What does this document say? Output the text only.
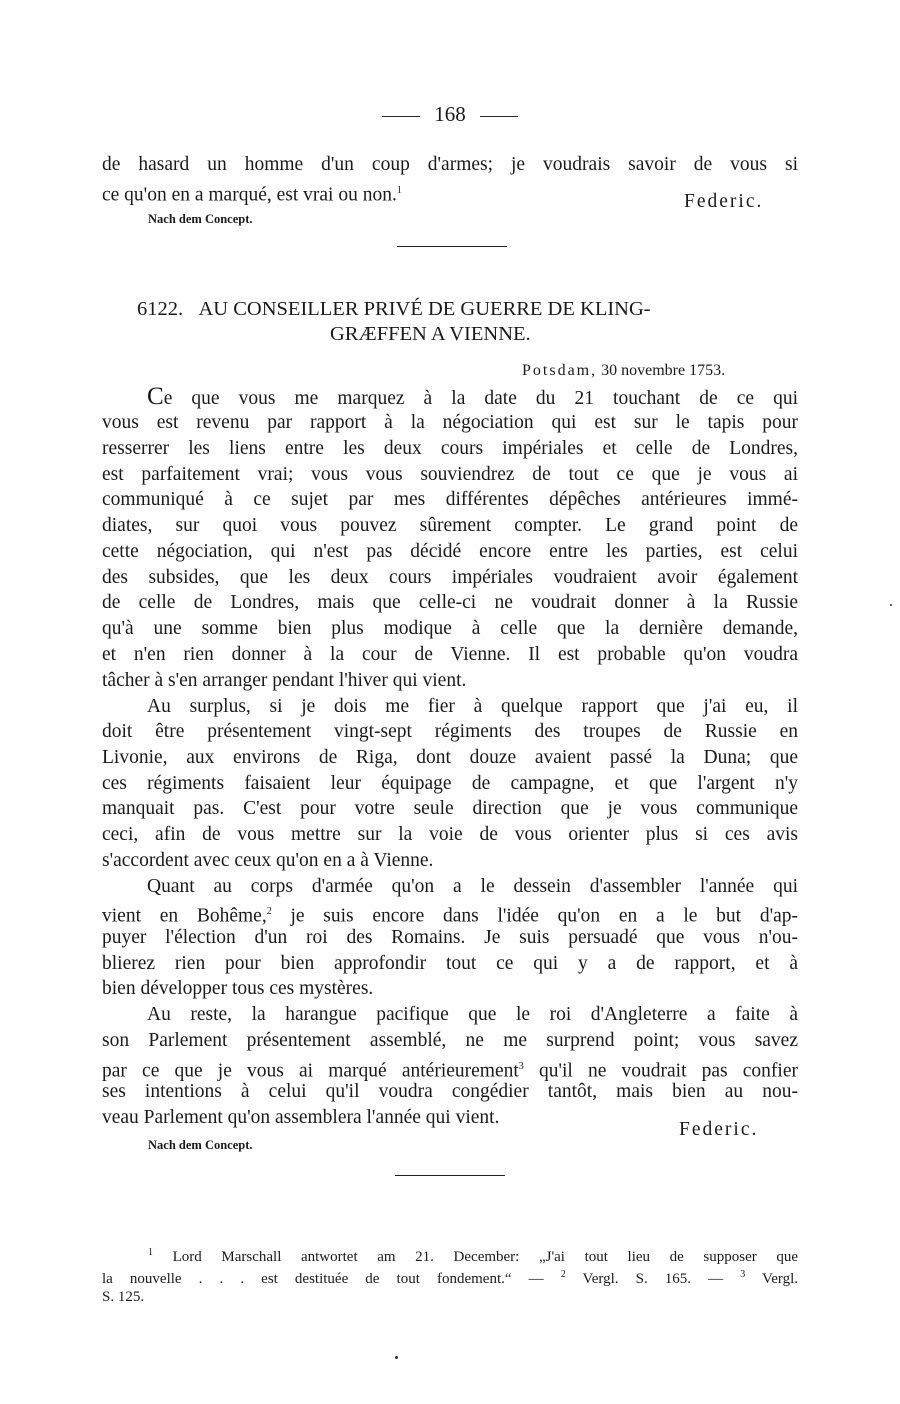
168
de hasard un homme d'un coup d'armes; je voudrais savoir de vous si
ce qu'on en a marqué, est vrai ou non.$^1$
Federic.
Nach dem Concept.
6122. AU CONSEILLER PRIVÉ DE GUERRE DE KLING-
GRÆFFEN A VIENNE.
Potsdam, 30 novembre 1753.
Ce que vous me marquez à la date du 21 touchant de ce qui
vous est revenu par rapport à la négociation qui est sur le tapis pour
resserrer les liens entre les deux cours impériales et celle de Londres,
est parfaitement vrai; vous vous souviendrez de tout ce que je vous ai
communiqué à ce sujet par mes différentes dépêches antérieures immé-
diates, sur quoi vous pouvez sûrement compter. Le grand point de
cette négociation, qui n'est pas décidé encore entre les parties, est celui
des subsides, que les deux cours impériales voudraient avoir également
de celle de Londres, mais que celle-ci ne voudrait donner à la Russie
qu'à une somme bien plus modique à celle que la dernière demande,
et n'en rien donner à la cour de Vienne. Il est probable qu'on voudra
tâcher à s'en arranger pendant l'hiver qui vient.
Au surplus, si je dois me fier à quelque rapport que j'ai eu, il
doit être présentement vingt-sept régiments des troupes de Russie en
Livonie, aux environs de Riga, dont douze avaient passé la Duna; que
ces régiments faisaient leur équipage de campagne, et que l'argent n'y
manquait pas. C'est pour votre seule direction que je vous communique
ceci, afin de vous mettre sur la voie de vous orienter plus si ces avis
s'accordent avec ceux qu'on en a à Vienne.
Quant au corps d'armée qu'on a le dessein d'assembler l'année qui
vient en Bohême,$^2$ je suis encore dans l'idée qu'on en a le but d'ap-
puyer l'élection d'un roi des Romains. Je suis persuadé que vous n'ou-
blierez rien pour bien approfondir tout ce qui y a de rapport, et à
bien développer tous ces mystères.
Au reste, la harangue pacifique que le roi d'Angleterre a faite à
son Parlement présentement assemblé, ne me surprend point; vous savez
par ce que je vous ai marqué antérieurement$^3$ qu'il ne voudrait pas confier
ses intentions à celui qu'il voudra congédier tantôt, mais bien au nou-
veau Parlement qu'on assemblera l'année qui vient.
Federic.
Nach dem Concept.
$^1$ Lord Marschall antwortet am 21. December: „J'ai tout lieu de supposer que
la nouvelle . . . est destituée de tout fondement.“ — $^2$ Vergl. S. 165. — $^3$ Vergl.
S. 125.
